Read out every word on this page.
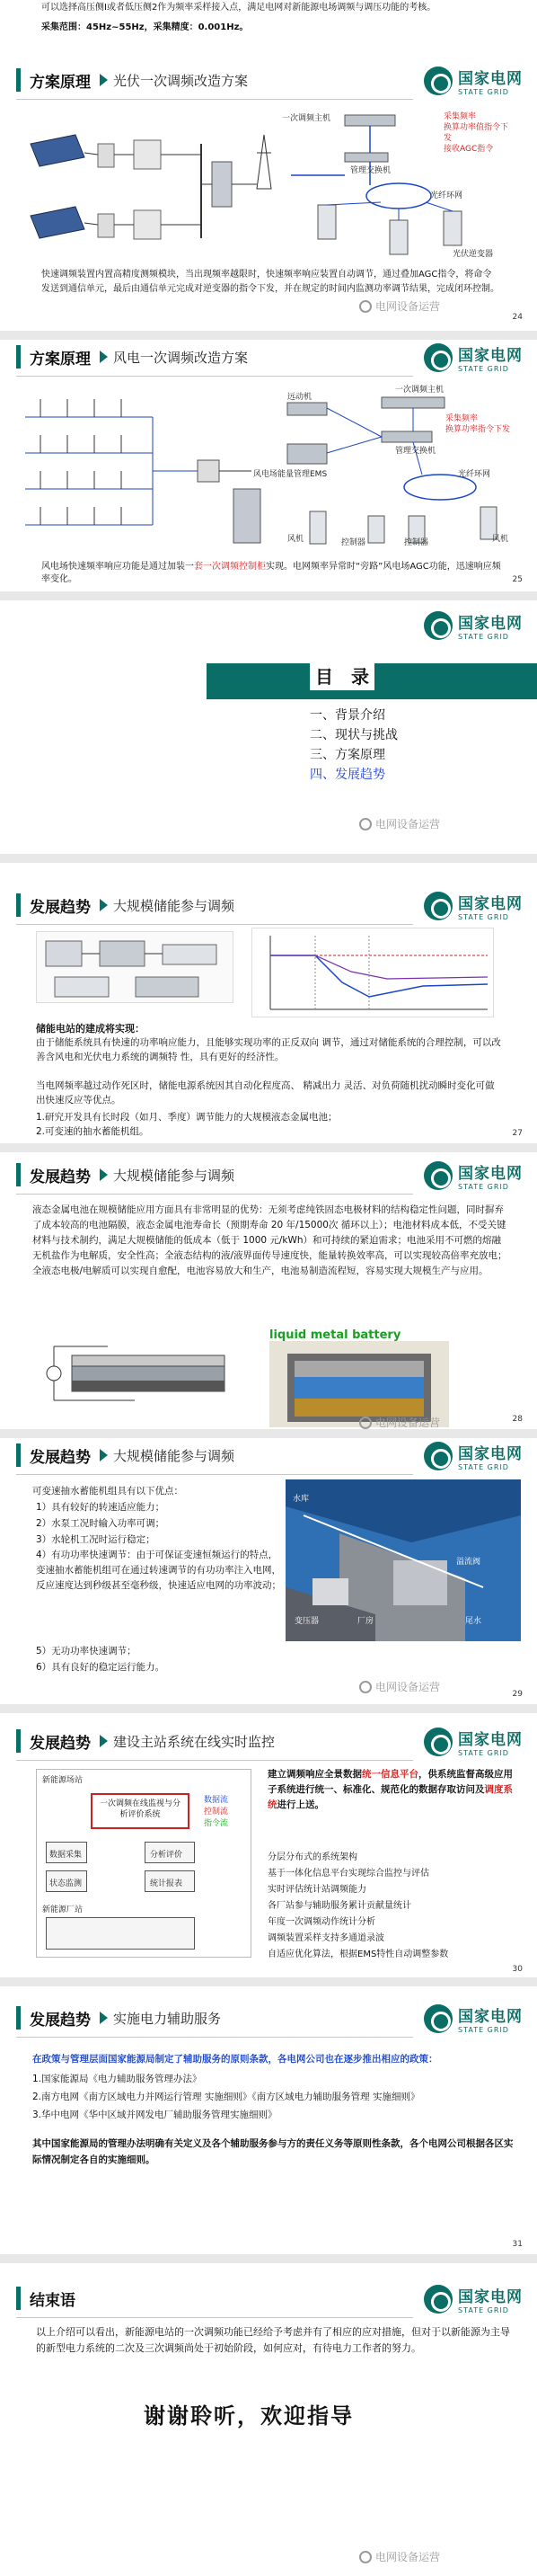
可以选择高压侧I或者低压侧2作为频率采样接入点，满足电网对新能源电场调频与调压功能的考核。
采集范围：45Hz~55Hz，采集精度：0.001Hz。
方案原理 光伏一次调频改造方案	国家电网
STATE GRID
一次调频主机
管理交换机
光纤环网
光伏逆变器
采集频率
换算功率值指令下发
接收AGC指令
快速调频装置内置高精度测频模块，当出现频率越限时，快速频率响应装置自动调节，通过叠加AGC指令，将命令发送到通信单元，最后由通信单元完成对逆变器的指令下发，并在规定的时间内监测功率调节结果，完成闭环控制。
24
电网设备运营
方案原理 风电一次调频改造方案	国家电网
STATE GRID
一次调频主机
远动机
管理交换机
风电场能量管理EMS	光纤环网
风机	控制器	控制器	风机
采集频率
换算功率指令下发
风电场快速频率响应功能是通过加装一套一次调频控制柜实现。电网频率异常时“旁路”风电场AGC功能，迅速响应频率变化。	25
国家电网
STATE GRID
目　录
一、背景介绍
二、现状与挑战
三、方案原理
四、发展趋势
电网设备运营
发展趋势 大规模储能参与调频	国家电网
STATE GRID
储能电站的建成将实现：
由于储能系统具有快速的功率响应能力，且能够实现功率的正反双向 调节，通过对储能系统的合理控制，可以改善含风电和光伏电力系统的调频特 性，具有更好的经济性。
当电网频率越过动作死区时，储能电源系统因其自动化程度高、 精减出力 灵活、对负荷随机扰动瞬时变化可做出快速反应等优点。
1.研究开发具有长时段（如月、季度）调节能力的大规模液态金属电池；
2.可变速的抽水蓄能机组。	27
发展趋势 大规模储能参与调频	国家电网
STATE GRID
液态金属电池在规模储能应用方面具有非常明显的优势：无须考虑纯铁固态电极材料的结构稳定性问题，同时摒弃了成本较高的电池隔膜，液态金属电池寿命长（预期寿命 20 年/15000次 循环以上）；电池材料成本低，不受关键材料与技术制约，满足大规模储能的低成本（低于 1000 元/kWh）和可持续的紧迫需求；电池采用不可燃的熔融 无机盐作为电解质，安全性高；全液态结构的液/液界面传导速度快，能量转换效率高，可以实现较高倍率充放电；全液态电极/电解质可以实现自愈配，电池容易放大和生产，电池易制造流程短，容易实现大规模生产与应用。
liquid metal battery
28
电网设备运营
发展趋势 大规模储能参与调频	国家电网
STATE GRID
可变速抽水蓄能机组具有以下优点：
1）具有较好的转速适应能力；
2）水泵工况时输入功率可调；
3）水轮机工况时运行稳定；
4）有功功率快速调节：由于可保证变速恒频运行的特点，变速抽水蓄能机组可在通过转速调节的有功功率注入电网，反应速度达到秒级甚至毫秒级，快速适应电网的功率波动；
5）无功功率快速调节；
6）具有良好的稳定运行能力。
水库
溢流阀
变压器	厂房	尾水
29
电网设备运营
发展趋势 建设主站系统在线实时监控	国家电网
STATE GRID
新能源场站
一次调频在线监视与分析评价系统
数据采集
状态监测
分析评价
统计报表
数据流
控制流
指令流
新能源厂站
建立调频响应全景数据统一信息平台，供系统监督高级应用子系统进行统一、标准化、规范化的数据存取访问及调度系统进行上送。
分层分布式的系统架构
基于一体化信息平台实现综合监控与评估
实时评估统计站调频能力
各厂站参与辅助服务累计贡献量统计
年度一次调频动作统计分析
调频装置采样支持多通道录波
自适应优化算法，根据EMS特性自动调整参数
30
发展趋势 实施电力辅助服务	国家电网
STATE GRID
在政策与管理层面国家能源局制定了辅助服务的原则条款，各电网公司也在逐步推出相应的政策：
1.国家能源局《电力辅助服务管理办法》
2.南方电网《南方区域电力并网运行管理 实施细则》《南方区域电力辅助服务管理 实施细则》
3.华中电网《华中区域并网发电厂辅助服务管理实施细则》
其中国家能源局的管理办法明确有关定义及各个辅助服务参与方的责任义务等原则性条款，各个电网公司根据各区实际情况制定各自的实施细则。
31
结束语	国家电网
STATE GRID
以上介绍可以看出，新能源电站的一次调频功能已经给予考虑并有了相应的应对措施，但对于以新能源为主导的新型电力系统的二次及三次调频尚处于初始阶段，如何应对，有待电力工作者的努力。
谢谢聆听，欢迎指导
电网设备运营
